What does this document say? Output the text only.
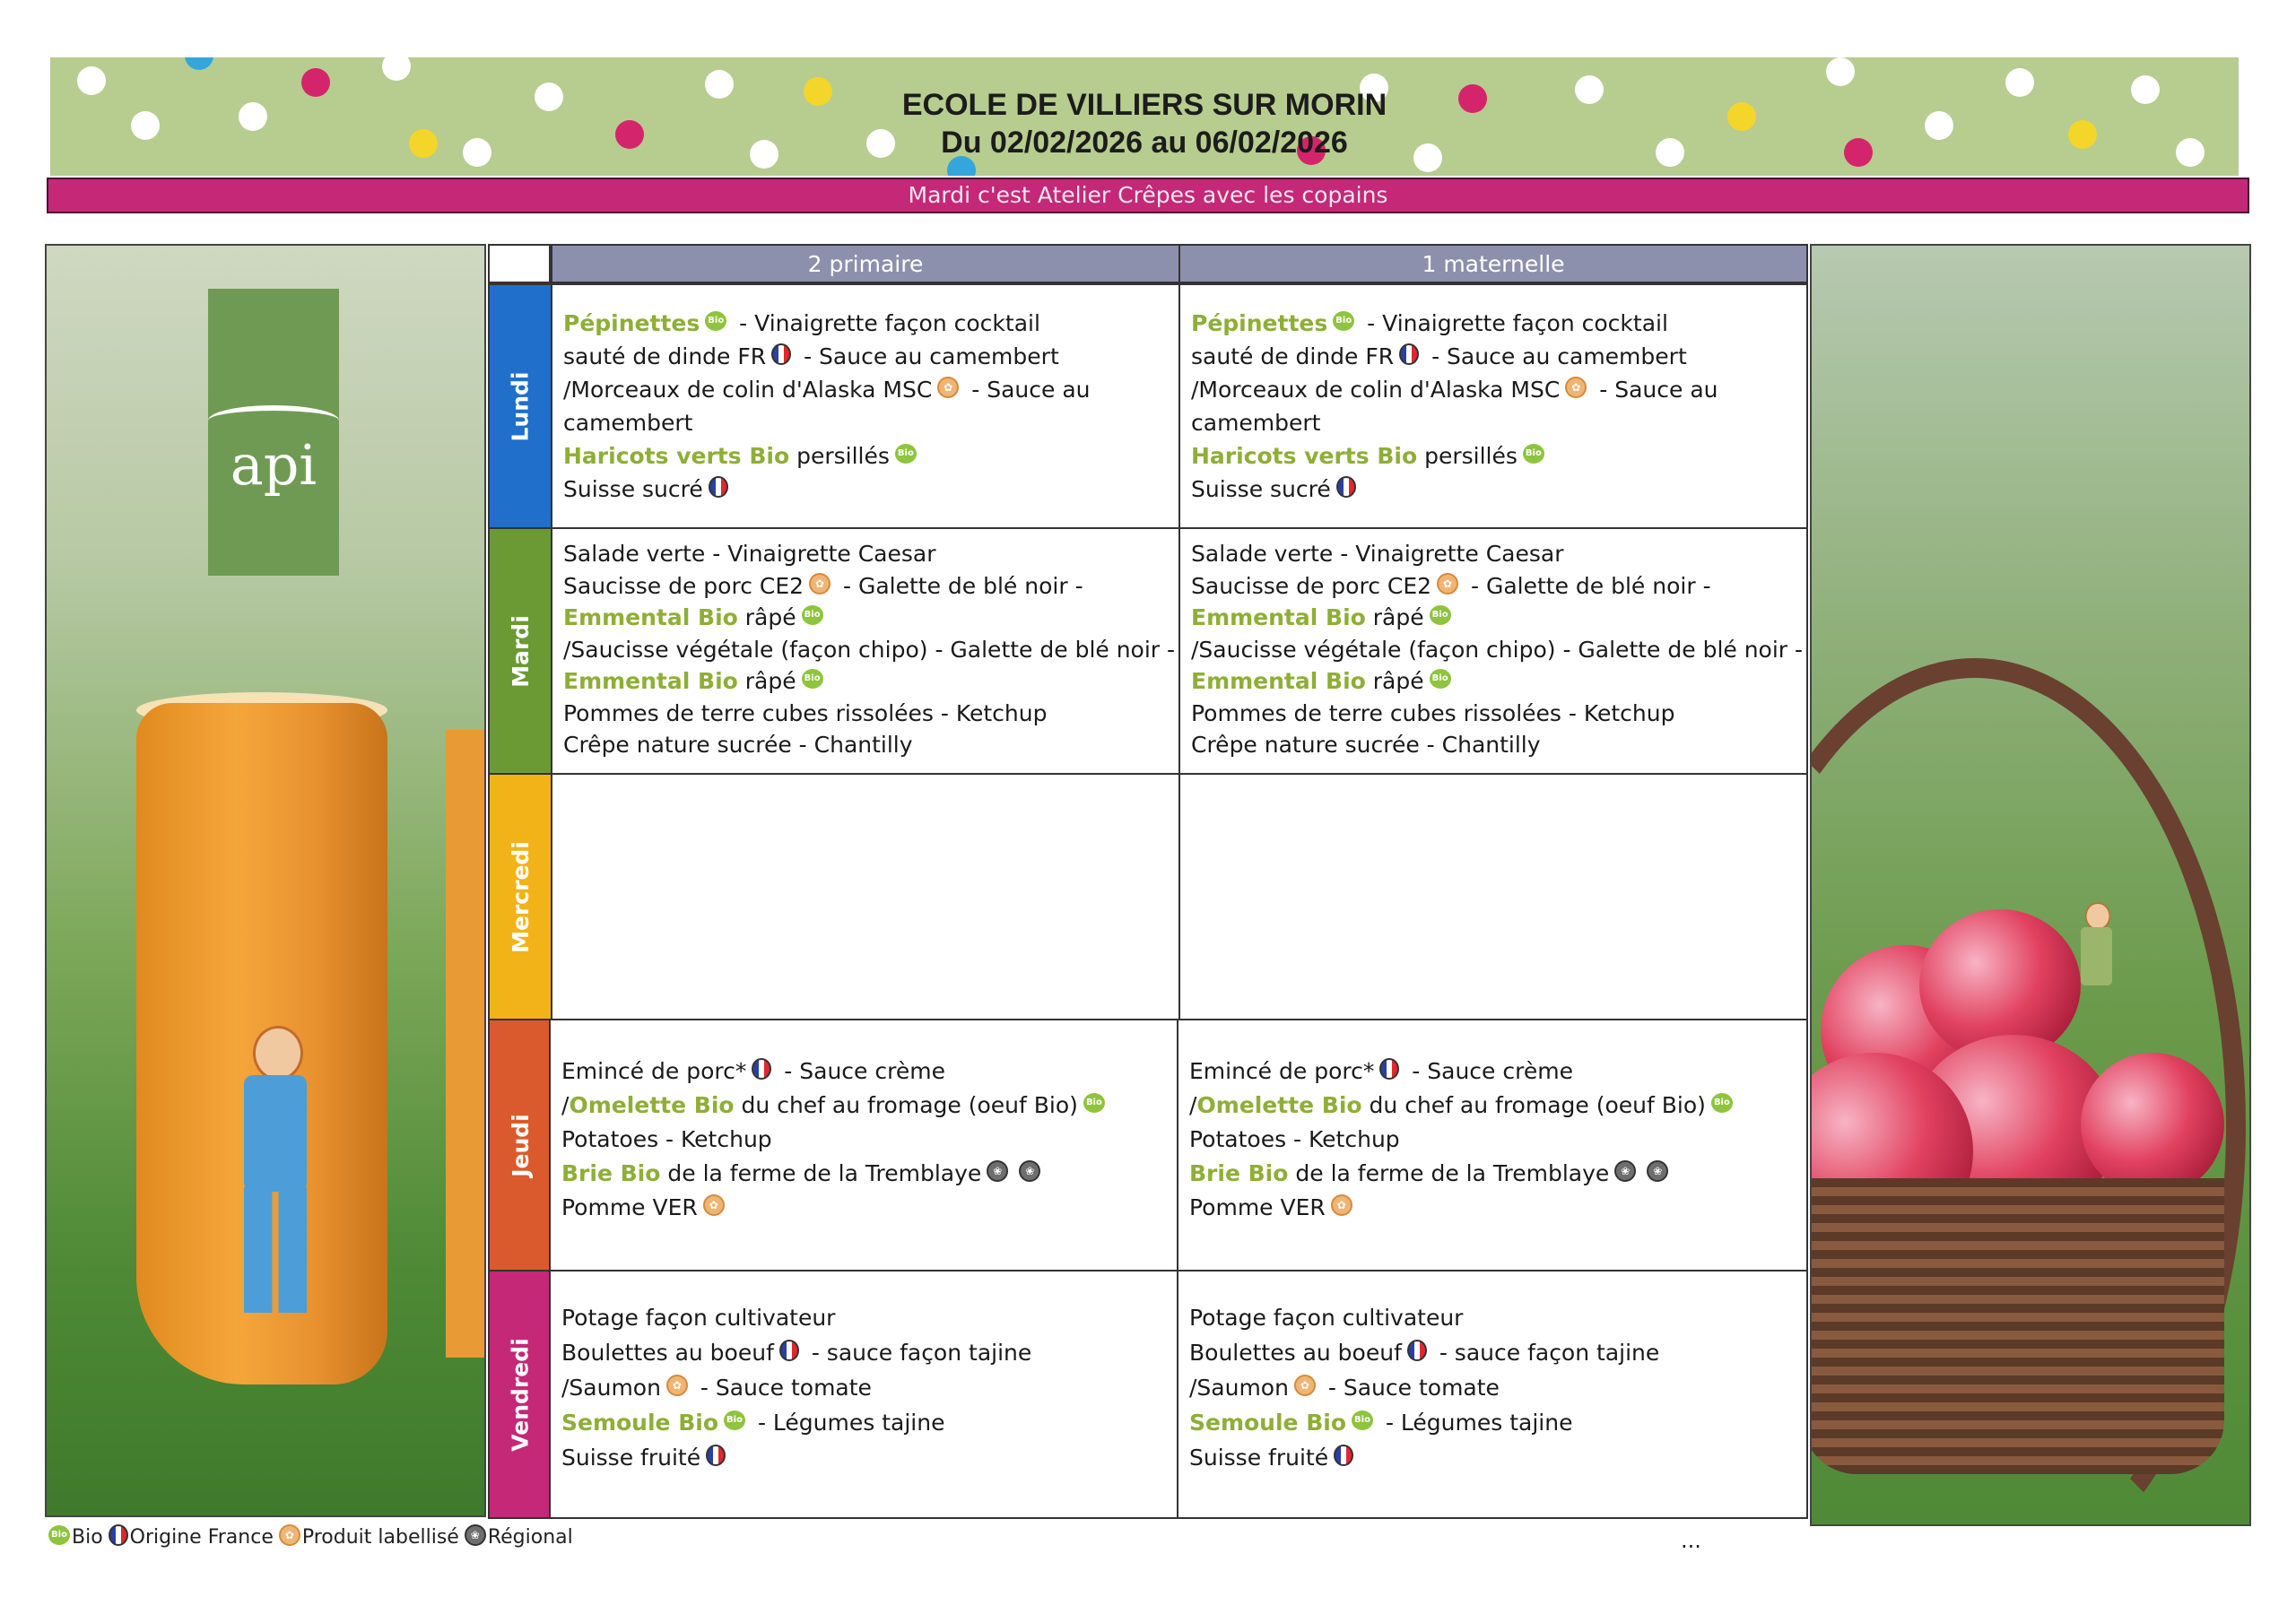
ECOLE DE VILLIERS SUR MORIN
Du 02/02/2026 au 06/02/2026
Mardi c'est Atelier Crêpes avec les copains
api
2 primaire	1 maternelle
Lundi
Mardi
Mercredi
Jeudi
Vendredi
Pépinettes Bio - Vinaigrette façon cocktail
sauté de dinde FR - Sauce au camembert
/Morceaux de colin d'Alaska MSC ✿ - Sauce au
camembert
Haricots verts Bio persillés Bio
Suisse sucré
Pépinettes Bio - Vinaigrette façon cocktail
sauté de dinde FR - Sauce au camembert
/Morceaux de colin d'Alaska MSC ✿ - Sauce au
camembert
Haricots verts Bio persillés Bio
Suisse sucré
Salade verte - Vinaigrette Caesar
Saucisse de porc CE2 ✿ - Galette de blé noir -
Emmental Bio râpé Bio
/Saucisse végétale (façon chipo) - Galette de blé noir -
Emmental Bio râpé Bio
Pommes de terre cubes rissolées - Ketchup
Crêpe nature sucrée - Chantilly
Salade verte - Vinaigrette Caesar
Saucisse de porc CE2 ✿ - Galette de blé noir -
Emmental Bio râpé Bio
/Saucisse végétale (façon chipo) - Galette de blé noir -
Emmental Bio râpé Bio
Pommes de terre cubes rissolées - Ketchup
Crêpe nature sucrée - Chantilly
Emincé de porc* - Sauce crème
/Omelette Bio du chef au fromage (oeuf Bio) Bio
Potatoes - Ketchup
Brie Bio de la ferme de la Tremblaye ❀ ❀
Pomme VER ✿
Emincé de porc* - Sauce crème
/Omelette Bio du chef au fromage (oeuf Bio) Bio
Potatoes - Ketchup
Brie Bio de la ferme de la Tremblaye ❀ ❀
Pomme VER ✿
Potage façon cultivateur
Boulettes au boeuf - sauce façon tajine
/Saumon ✿ - Sauce tomate
Semoule Bio Bio - Légumes tajine
Suisse fruité
Potage façon cultivateur
Boulettes au boeuf - sauce façon tajine
/Saumon ✿ - Sauce tomate
Semoule Bio Bio - Légumes tajine
Suisse fruité
Bio Bio Origine France ✿ Produit labellisé ❀ Régional	...
